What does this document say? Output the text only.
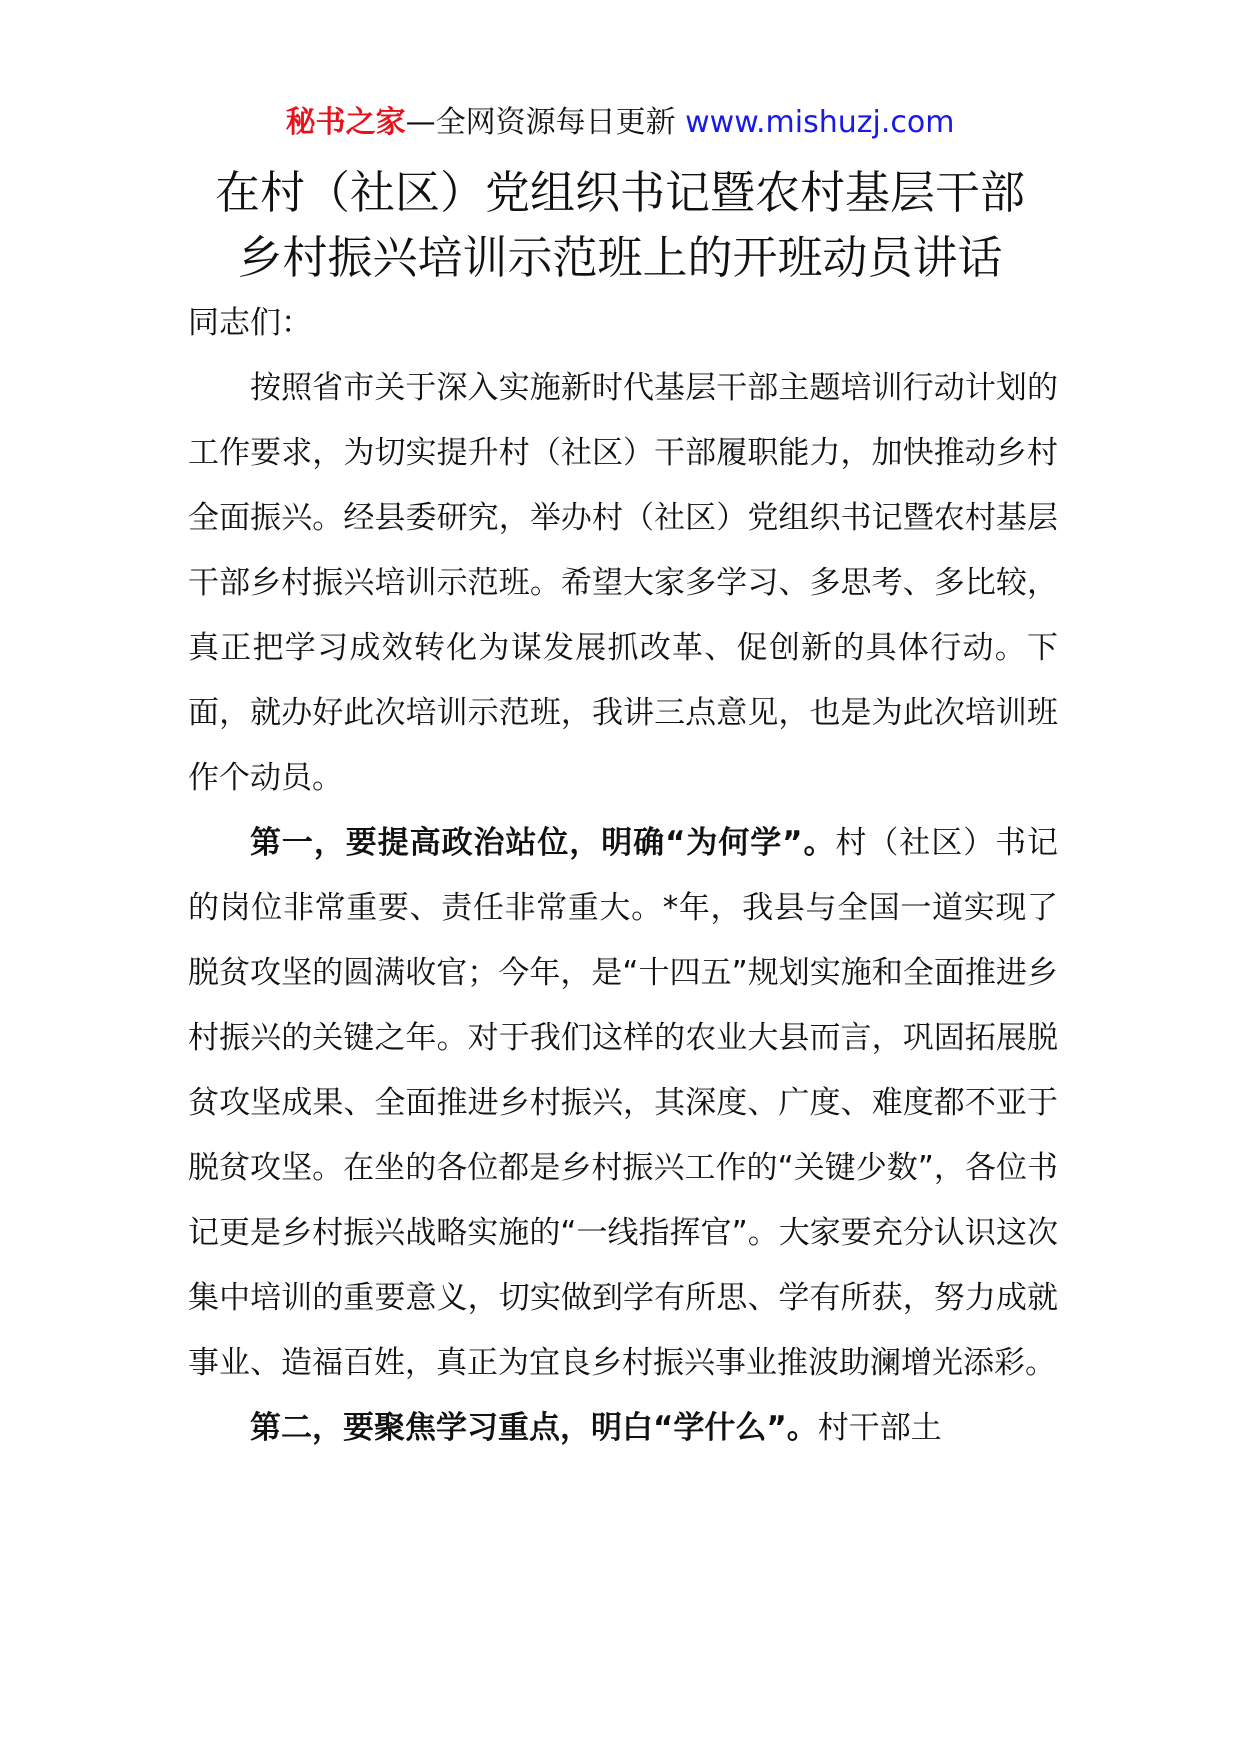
秘书之家—全网资源每日更新 www.mishuzj.com
在村（社区）党组织书记暨农村基层干部
乡村振兴培训示范班上的开班动员讲话

同志们：

按照省市关于深入实施新时代基层干部主题培训行动计划的工作要求，为切实提升村（社区）干部履职能力，加快推动乡村全面振兴。经县委研究，举办村（社区）党组织书记暨农村基层干部乡村振兴培训示范班。希望大家多学习、多思考、多比较，真正把学习成效转化为谋发展抓改革、促创新的具体行动。下面，就办好此次培训示范班，我讲三点意见，也是为此次培训班作个动员。

第一，要提高政治站位，明确“为何学”。村（社区）书记的岗位非常重要、责任非常重大。*年，我县与全国一道实现了脱贫攻坚的圆满收官；今年，是“十四五”规划实施和全面推进乡村振兴的关键之年。对于我们这样的农业大县而言，巩固拓展脱贫攻坚成果、全面推进乡村振兴，其深度、广度、难度都不亚于脱贫攻坚。在坐的各位都是乡村振兴工作的“关键少数”，各位书记更是乡村振兴战略实施的“一线指挥官”。大家要充分认识这次集中培训的重要意义，切实做到学有所思、学有所获，努力成就事业、造福百姓，真正为宜良乡村振兴事业推波助澜增光添彩。

第二，要聚焦学习重点，明白“学什么”。村干部土
